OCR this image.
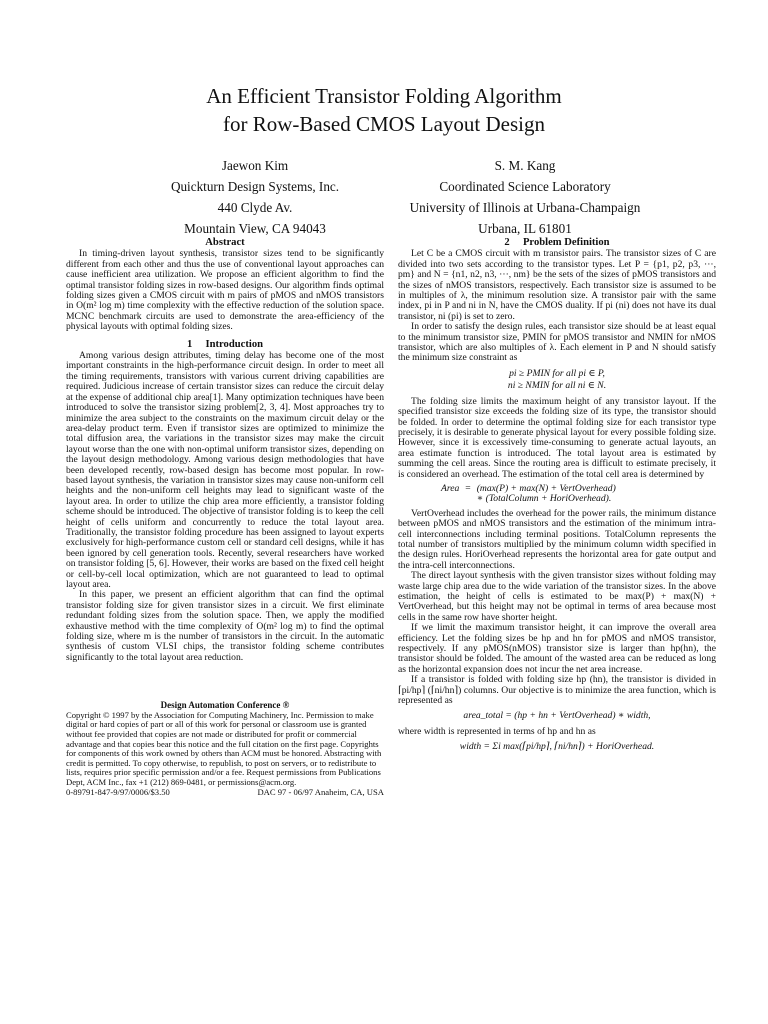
An Efficient Transistor Folding Algorithm

for Row-Based CMOS Layout Design

Jaewon Kim
Quickturn Design Systems, Inc.
440 Clyde Av.
Mountain View, CA 94043
S. M. Kang
Coordinated Science Laboratory
University of Illinois at Urbana-Champaign
Urbana, IL 61801
Abstract

In timing-driven layout synthesis, transistor sizes tend to be significantly different from each other and thus the use of conventional layout approaches can cause inefficient area utilization. We propose an efficient algorithm to find the optimal transistor folding sizes in row-based designs. Our algorithm finds optimal folding sizes given a CMOS circuit with m pairs of pMOS and nMOS transistors in O(m² log m) time complexity with the effective reduction of the solution space. MCNC benchmark circuits are used to demonstrate the area-efficiency of the physical layouts with optimal folding sizes.

1     Introduction

Among various design attributes, timing delay has become one of the most important constraints in the high-performance circuit design. In order to meet all the timing requirements, transistors with various current driving capabilities are required. Judicious increase of certain transistor sizes can reduce the circuit delay at the expense of additional chip area[1]. Many optimization techniques have been introduced to solve the transistor sizing problem[2, 3, 4]. Most approaches try to minimize the area subject to the constraints on the maximum circuit delay or the area-delay product term. Even if transistor sizes are optimized to minimize the total diffusion area, the variations in the transistor sizes may make the circuit layout worse than the one with non-optimal uniform transistor sizes, depending on the layout design methodology. Among various design methodologies that have been developed recently, row-based design has become most popular. In row-based layout synthesis, the variation in transistor sizes may cause non-uniform cell heights and the non-uniform cell heights may lead to significant waste of the layout area. In order to utilize the chip area more efficiently, a transistor folding scheme should be introduced. The objective of transistor folding is to keep the cell height of cells uniform and concurrently to reduce the total layout area. Traditionally, the transistor folding procedure has been assigned to layout experts exclusively for high-performance custom cell or standard cell designs, while it has been ignored by cell generation tools. Recently, several researchers have worked on transistor folding [5, 6]. However, their works are based on the fixed cell height or cell-by-cell local optimization, which are not guaranteed to lead to optimal layout area.

In this paper, we present an efficient algorithm that can find the optimal transistor folding size for given transistor sizes in a circuit. We first eliminate redundant folding sizes from the solution space. Then, we apply the modified exhaustive method with the time complexity of O(m² log m) to find the optimal folding size, where m is the number of transistors in the circuit. In the automatic synthesis of custom VLSI chips, the transistor folding scheme contributes significantly to the total layout area reduction.

Design Automation Conference ®
Copyright © 1997 by the Association for Computing Machinery, Inc. Permission to make digital or hard copies of part or all of this work for personal or classroom use is granted without fee provided that copies are not made or distributed for profit or commercial advantage and that copies bear this notice and the full citation on the first page. Copyrights for components of this work owned by others than ACM must be honored. Abstracting with credit is permitted. To copy otherwise, to republish, to post on servers, or to redistribute to lists, requires prior specific permission and/or a fee. Request permissions from Publications Dept, ACM Inc., fax +1 (212) 869-0481, or permissions@acm.org.
0-89791-847-9/97/0006/$3.50	DAC 97 - 06/97 Anaheim, CA, USA
2     Problem Definition

Let C be a CMOS circuit with m transistor pairs. The transistor sizes of C are divided into two sets according to the transistor types. Let P = {p1, p2, p3, ···, pm} and N = {n1, n2, n3, ···, nm} be the sets of the sizes of pMOS transistors and the sizes of nMOS transistors, respectively. Each transistor size is assumed to be in multiples of λ, the minimum resolution size. A transistor pair with the same index, pi in P and ni in N, have the CMOS duality. If pi (ni) does not have its dual transistor, ni (pi) is set to zero.

In order to satisfy the design rules, each transistor size should be at least equal to the minimum transistor size, PMIN for pMOS transistor and NMIN for nMOS transistor, which are also multiples of λ. Each element in P and N should satisfy the minimum size constraint as

pi ≥ PMIN for all pi ∈ P,
ni ≥ NMIN for all ni ∈ N.

The folding size limits the maximum height of any transistor layout. If the specified transistor size exceeds the folding size of its type, the transistor should be folded. In order to determine the optimal folding size for each transistor type precisely, it is desirable to generate physical layout for every possible folding size. However, since it is excessively time-consuming to generate actual layouts, an area estimate function is introduced. The total layout area is estimated by summing the cell areas. Since the routing area is difficult to estimate precisely, it is considered an overhead. The estimation of the total cell area is determined by

Area	=	(max(P) + max(N) + VertOverhead)
		∗ (TotalColumn + HoriOverhead).

VertOverhead includes the overhead for the power rails, the minimum distance between pMOS and nMOS transistors and the estimation of the minimum intra-cell interconnections including terminal positions. TotalColumn represents the total number of transistors multiplied by the minimum column width specified in the design rules. HoriOverhead represents the horizontal area for gate output and the intra-cell interconnections.

The direct layout synthesis with the given transistor sizes without folding may waste large chip area due to the wide variation of the transistor sizes. In the above estimation, the height of cells is estimated to be max(P) + max(N) + VertOverhead, but this height may not be optimal in terms of area because most cells in the same row have shorter height.

If we limit the maximum transistor height, it can improve the overall area efficiency. Let the folding sizes be hp and hn for pMOS and nMOS transistor, respectively. If any pMOS(nMOS) transistor size is larger than hp(hn), the transistor should be folded. The amount of the wasted area can be reduced as long as the horizontal expansion does not incur the net area increase.

If a transistor is folded with folding size hp (hn), the transistor is divided in ⌈pi/hp⌉ (⌈ni/hn⌉) columns. Our objective is to minimize the area function, which is represented as

area_total = (hp + hn + VertOverhead) ∗ width,

where width is represented in terms of hp and hn as

width = Σi max(⌈pi/hp⌉, ⌈ni/hn⌉) + HoriOverhead.
